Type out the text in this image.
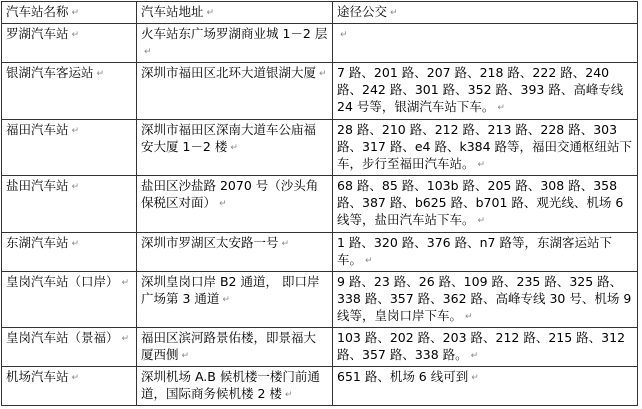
汽车站名称 ↵	汽车站地址 ↵	途径公交 ↵
罗湖汽车站 ↵	火车站东广场罗湖商业城 1－2 层↵	↵
银湖汽车客运站 ↵	深圳市福田区北环大道银湖大厦 ↵	7 路、201 路、207 路、218 路、222 路、240 路、242 路、301 路、352 路、393 路、高峰专线 24 号等，银湖汽车站下车。 ↵
福田汽车站 ↵	深圳市福田区深南大道车公庙福安大厦 1－2 楼 ↵	28 路、210 路、212 路、213 路、228 路、303 路、317 路、e4 路、k384 路等，福田交通枢纽站下车，步行至福田汽车站。 ↵
盐田汽车站 ↵	盐田区沙盐路 2070 号（沙头角保税区对面） ↵	68 路、85 路、103b 路、205 路、308 路、358 路、387 路、b625 路、b701 路、观光线、机场 6 线等，盐田汽车站下车。 ↵
东湖汽车站 ↵	深圳市罗湖区太安路一号 ↵	1 路、320 路、376 路、n7 路等，东湖客运站下车。 ↵
皇岗汽车站（口岸） ↵	深圳皇岗口岸 B2 通道， 即口岸广场第 3 通道 ↵	9 路、23 路、26 路、109 路、235 路、325 路、338 路、357 路、362 路、高峰专线 30 号、机场 9 线等，皇岗口岸下车。 ↵
皇岗汽车站（景福） ↵	福田区滨河路景佑楼，即景福大厦西侧 ↵	103 路、202 路、203 路、212 路、215 路、312 路、357 路、338 路。 ↵
机场汽车站 ↵	深圳机场 A.B 候机楼一楼门前通道，国际商务候机楼 2 楼 ↵	651 路、机场 6 线可到 ↵
